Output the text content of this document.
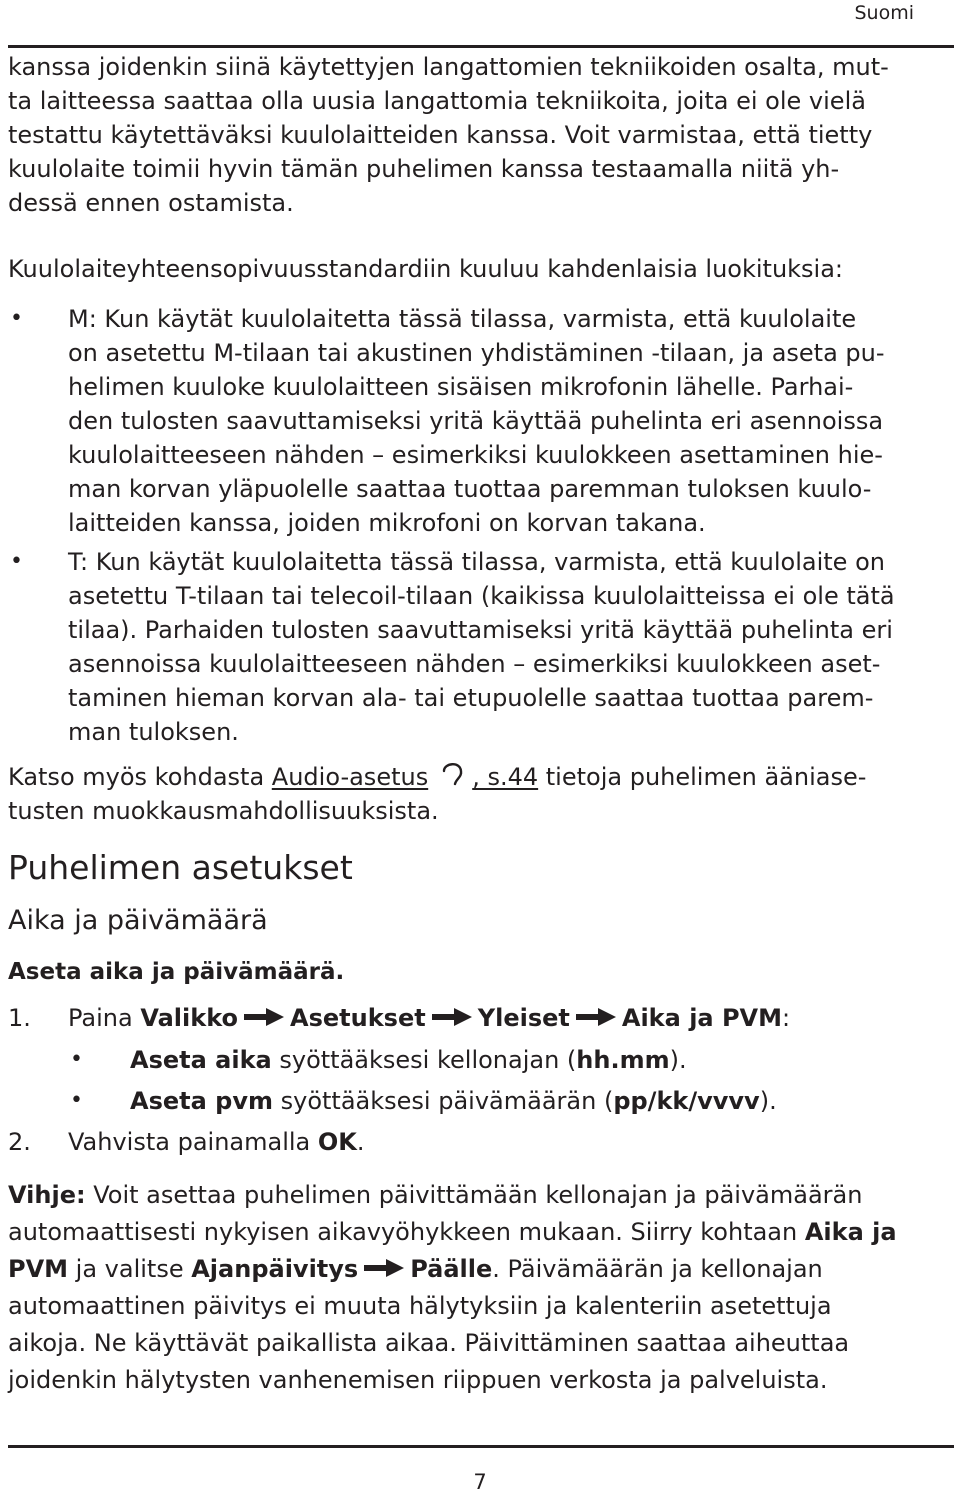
Suomi

kanssa joidenkin siinä käytettyjen langattomien tekniikoiden osalta, mut-
ta laitteessa saattaa olla uusia langattomia tekniikoita, joita ei ole vielä
testattu käytettäväksi kuulolaitteiden kanssa. Voit varmistaa, että tietty
kuulolaite toimii hyvin tämän puhelimen kanssa testaamalla niitä yh-
dessä ennen ostamista.

Kuulolaiteyhteensopivuusstandardiin kuuluu kahdenlaisia luokituksia:

• M: Kun käytät kuulolaitetta tässä tilassa, varmista, että kuulolaite
on asetettu M-tilaan tai akustinen yhdistäminen -tilaan, ja aseta pu-
helimen kuuloke kuulolaitteen sisäisen mikrofonin lähelle. Parhai-
den tulosten saavuttamiseksi yritä käyttää puhelinta eri asennoissa
kuulolaitteeseen nähden – esimerkiksi kuulokkeen asettaminen hie-
man korvan yläpuolelle saattaa tuottaa paremman tuloksen kuulo-
laitteiden kanssa, joiden mikrofoni on korvan takana.
• T: Kun käytät kuulolaitetta tässä tilassa, varmista, että kuulolaite on
asetettu T-tilaan tai telecoil-tilaan (kaikissa kuulolaitteissa ei ole tätä
tilaa). Parhaiden tulosten saavuttamiseksi yritä käyttää puhelinta eri
asennoissa kuulolaitteeseen nähden – esimerkiksi kuulokkeen aset-
taminen hieman korvan ala- tai etupuolelle saattaa tuottaa parem-
man tuloksen.

Katso myös kohdasta Audio-asetus , s.44 tietoja puhelimen ääniase-
tusten muokkausmahdollisuuksista.

Puhelimen asetukset
Aika ja päivämäärä
Aseta aika ja päivämäärä.
1. Paina Valikko Asetukset Yleiset Aika ja PVM:
• Aseta aika syöttääksesi kellonajan (hh.mm).
• Aseta pvm syöttääksesi päivämäärän (pp/kk/vvvv).
2. Vahvista painamalla OK.

Vihje: Voit asettaa puhelimen päivittämään kellonajan ja päivämäärän
automaattisesti nykyisen aikavyöhykkeen mukaan. Siirry kohtaan Aika ja
PVM ja valitse Ajanpäivitys Päälle. Päivämäärän ja kellonajan
automaattinen päivitys ei muuta hälytyksiin ja kalenteriin asetettuja
aikoja. Ne käyttävät paikallista aikaa. Päivittäminen saattaa aiheuttaa
joidenkin hälytysten vanhenemisen riippuen verkosta ja palveluista.

7
